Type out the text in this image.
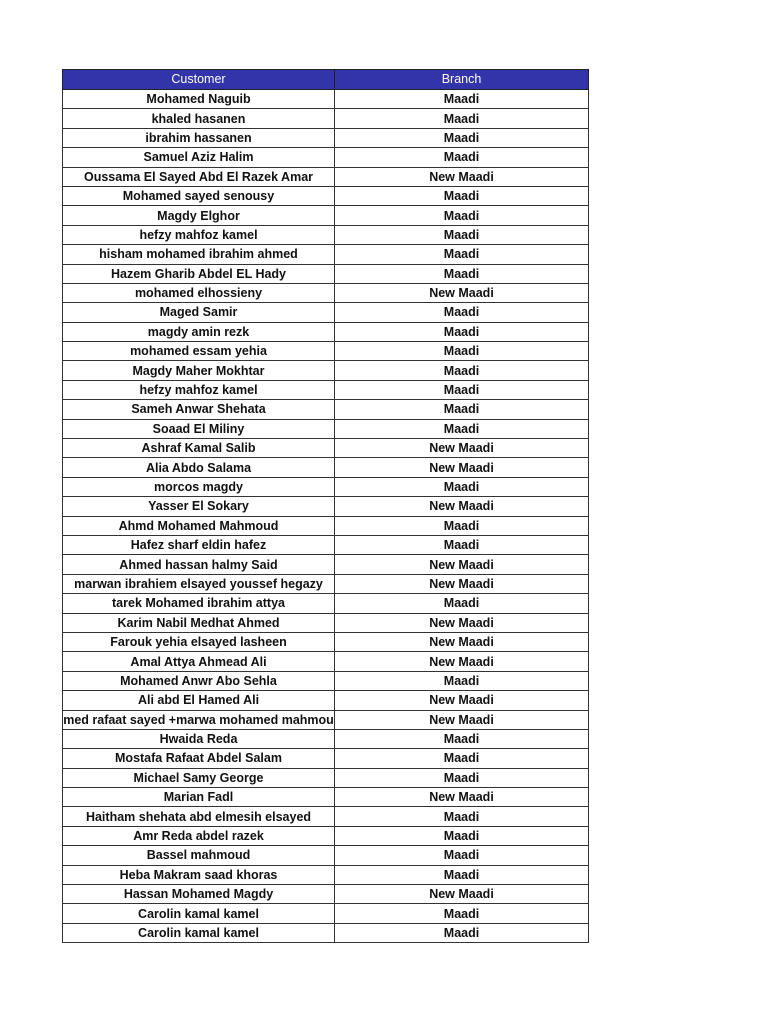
Customer	Branch
Mohamed Naguib	Maadi
khaled hasanen	Maadi
ibrahim hassanen	Maadi
Samuel Aziz Halim	Maadi
Oussama El Sayed Abd El Razek Amar	New Maadi
Mohamed sayed senousy	Maadi
Magdy Elghor	Maadi
hefzy mahfoz kamel	Maadi
hisham mohamed ibrahim ahmed	Maadi
Hazem Gharib Abdel EL Hady	Maadi
mohamed elhossieny	New Maadi
Maged Samir	Maadi
magdy amin rezk	Maadi
mohamed essam yehia	Maadi
Magdy Maher Mokhtar	Maadi
hefzy mahfoz kamel	Maadi
Sameh Anwar Shehata	Maadi
Soaad El Miliny	Maadi
Ashraf Kamal Salib	New Maadi
Alia Abdo Salama	New Maadi
morcos magdy	Maadi
Yasser El Sokary	New Maadi
Ahmd Mohamed Mahmoud	Maadi
Hafez sharf eldin hafez	Maadi
Ahmed hassan halmy Said	New Maadi
marwan ibrahiem elsayed youssef hegazy	New Maadi
tarek Mohamed ibrahim attya	Maadi
Karim Nabil Medhat Ahmed	New Maadi
Farouk yehia elsayed lasheen	New Maadi
Amal Attya Ahmead Ali	New Maadi
Mohamed Anwr Abo Sehla	Maadi
Ali abd El Hamed Ali	New Maadi
med rafaat sayed +marwa mohamed mahmou	New Maadi
Hwaida Reda	Maadi
Mostafa Rafaat Abdel Salam	Maadi
Michael Samy George	Maadi
Marian Fadl	New Maadi
Haitham shehata abd elmesih elsayed	Maadi
Amr Reda abdel razek	Maadi
Bassel mahmoud	Maadi
Heba Makram saad khoras	Maadi
Hassan Mohamed Magdy	New Maadi
Carolin kamal kamel	Maadi
Carolin kamal kamel	Maadi
